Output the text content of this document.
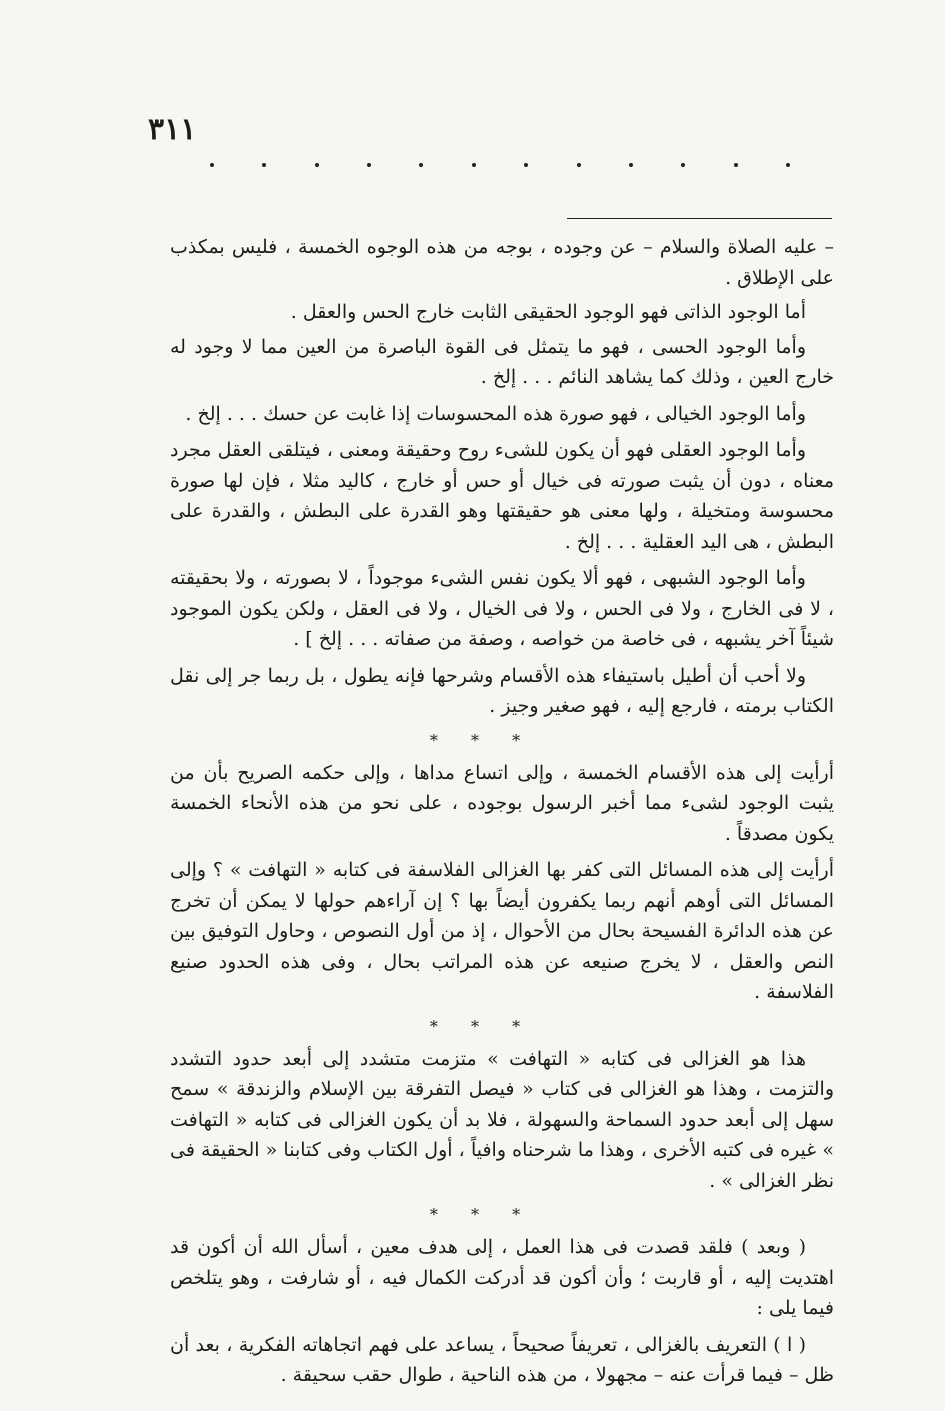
٣١١

– عليه الصلاة والسلام – عن وجوده ، بوجه من هذه الوجوه الخمسة ، فليس بمكذب على الإطلاق .

أما الوجود الذاتى فهو الوجود الحقيقى الثابت خارج الحس والعقل .

وأما الوجود الحسى ، فهو ما يتمثل فى القوة الباصرة من العين مما لا وجود له خارج العين ، وذلك كما يشاهد النائم . . . إلخ .

وأما الوجود الخيالى ، فهو صورة هذه المحسوسات إذا غابت عن حسك . . . إلخ .

وأما الوجود العقلى فهو أن يكون للشىء روح وحقيقة ومعنى ، فيتلقى العقل مجرد معناه ، دون أن يثبت صورته فى خيال أو حس أو خارج ، كاليد مثلا ، فإن لها صورة محسوسة ومتخيلة ، ولها معنى هو حقيقتها وهو القدرة على البطش ، والقدرة على البطش ، هى اليد العقلية . . . إلخ .

وأما الوجود الشبهى ، فهو ألا يكون نفس الشىء موجوداً ، لا بصورته ، ولا بحقيقته ، لا فى الخارج ، ولا فى الحس ، ولا فى الخيال ، ولا فى العقل ، ولكن يكون الموجود شيئاً آخر يشبهه ، فى خاصة من خواصه ، وصفة من صفاته . . . إلخ ] .

ولا أحب أن أطيل باستيفاء هذه الأقسام وشرحها فإنه يطول ، بل ربما جر إلى نقل الكتاب برمته ، فارجع إليه ، فهو صغير وجيز .

* * *

أرأيت إلى هذه الأقسام الخمسة ، وإلى اتساع مداها ، وإلى حكمه الصريح بأن من يثبت الوجود لشىء مما أخبر الرسول بوجوده ، على نحو من هذه الأنحاء الخمسة يكون مصدقاً .

أرأيت إلى هذه المسائل التى كفر بها الغزالى الفلاسفة فى كتابه « التهافت » ؟ وإلى المسائل التى أوهم أنهم ربما يكفرون أيضاً بها ؟ إن آراءهم حولها لا يمكن أن تخرج عن هذه الدائرة الفسيحة بحال من الأحوال ، إذ من أول النصوص ، وحاول التوفيق بين النص والعقل ، لا يخرج صنيعه عن هذه المراتب بحال ، وفى هذه الحدود صنيع الفلاسفة .

* * *

هذا هو الغزالى فى كتابه « التهافت » متزمت متشدد إلى أبعد حدود التشدد والتزمت ، وهذا هو الغزالى فى كتاب « فيصل التفرقة بين الإسلام والزندقة » سمح سهل إلى أبعد حدود السماحة والسهولة ، فلا بد أن يكون الغزالى فى كتابه « التهافت » غيره فى كتبه الأخرى ، وهذا ما شرحناه وافياً ، أول الكتاب وفى كتابنا « الحقيقة فى نظر الغزالى » .

* * *

( وبعد ) فلقد قصدت فى هذا العمل ، إلى هدف معين ، أسأل الله أن أكون قد اهتديت إليه ، أو قاربت ؛ وأن أكون قد أدركت الكمال فيه ، أو شارفت ، وهو يتلخص فيما يلى :

( ا ) التعريف بالغزالى ، تعريفاً صحيحاً ، يساعد على فهم اتجاهاته الفكرية ، بعد أن ظل – فيما قرأت عنه – مجهولا ، من هذه الناحية ، طوال حقب سحيقة .
